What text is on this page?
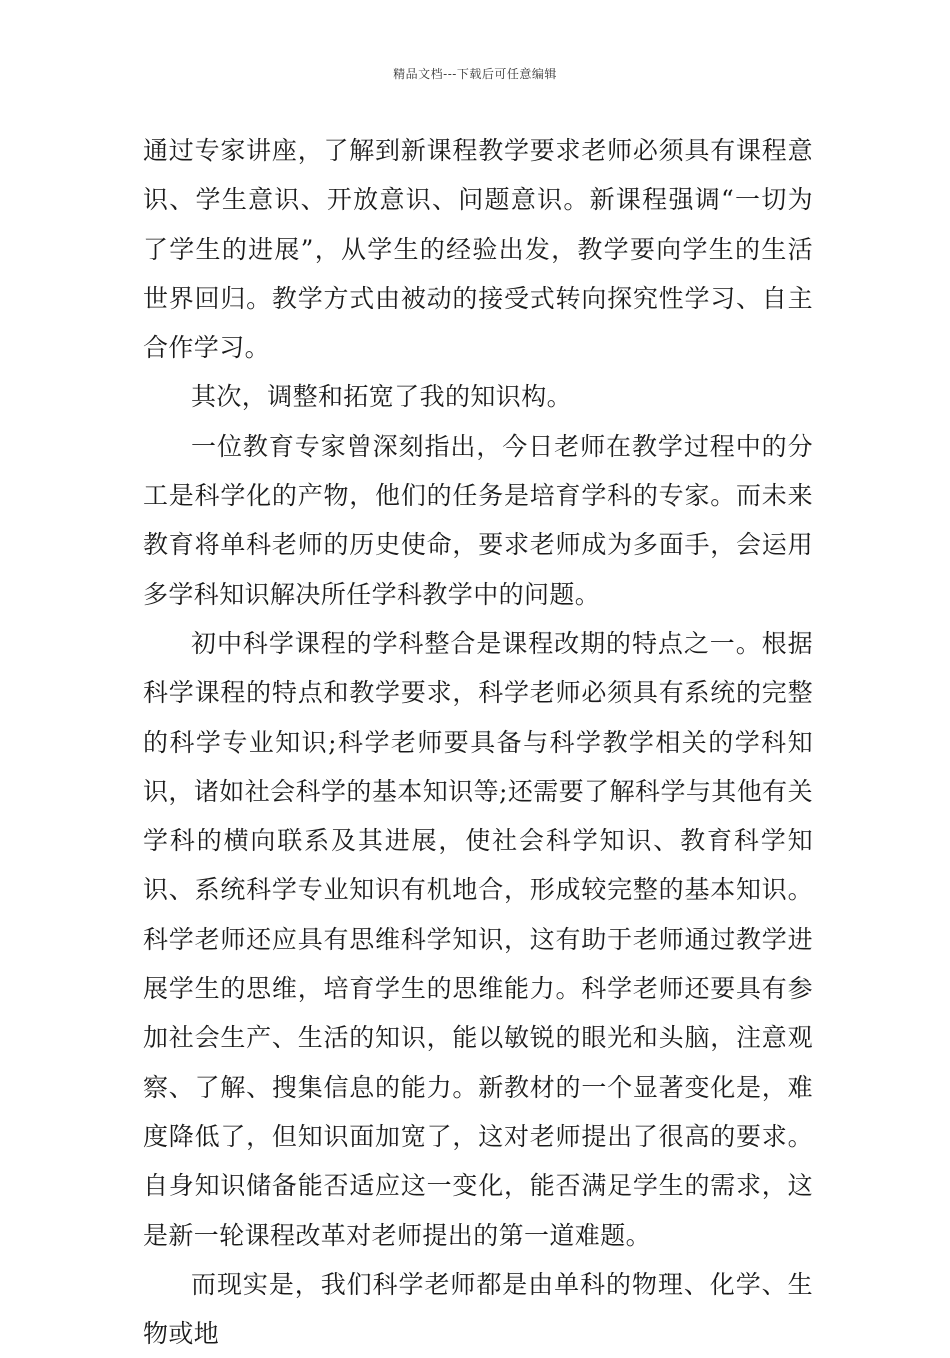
精品文档---下载后可任意编辑

通过专家讲座，了解到新课程教学要求老师必须具有课程意识、学生意识、开放意识、问题意识。新课程强调“一切为了学生的进展”，从学生的经验出发，教学要向学生的生活世界回归。教学方式由被动的接受式转向探究性学习、自主合作学习。

其次，调整和拓宽了我的知识构。

一位教育专家曾深刻指出，今日老师在教学过程中的分工是科学化的产物，他们的任务是培育学科的专家。而未来教育将单科老师的历史使命，要求老师成为多面手，会运用多学科知识解决所任学科教学中的问题。

初中科学课程的学科整合是课程改期的特点之一。根据科学课程的特点和教学要求，科学老师必须具有系统的完整的科学专业知识;科学老师要具备与科学教学相关的学科知识，诸如社会科学的基本知识等;还需要了解科学与其他有关学科的横向联系及其进展，使社会科学知识、教育科学知识、系统科学专业知识有机地合，形成较完整的基本知识。科学老师还应具有思维科学知识，这有助于老师通过教学进展学生的思维，培育学生的思维能力。科学老师还要具有参加社会生产、生活的知识，能以敏锐的眼光和头脑，注意观察、了解、搜集信息的能力。新教材的一个显著变化是，难度降低了，但知识面加宽了，这对老师提出了很高的要求。自身知识储备能否适应这一变化，能否满足学生的需求，这是新一轮课程改革对老师提出的第一道难题。

而现实是，我们科学老师都是由单科的物理、化学、生物或地
